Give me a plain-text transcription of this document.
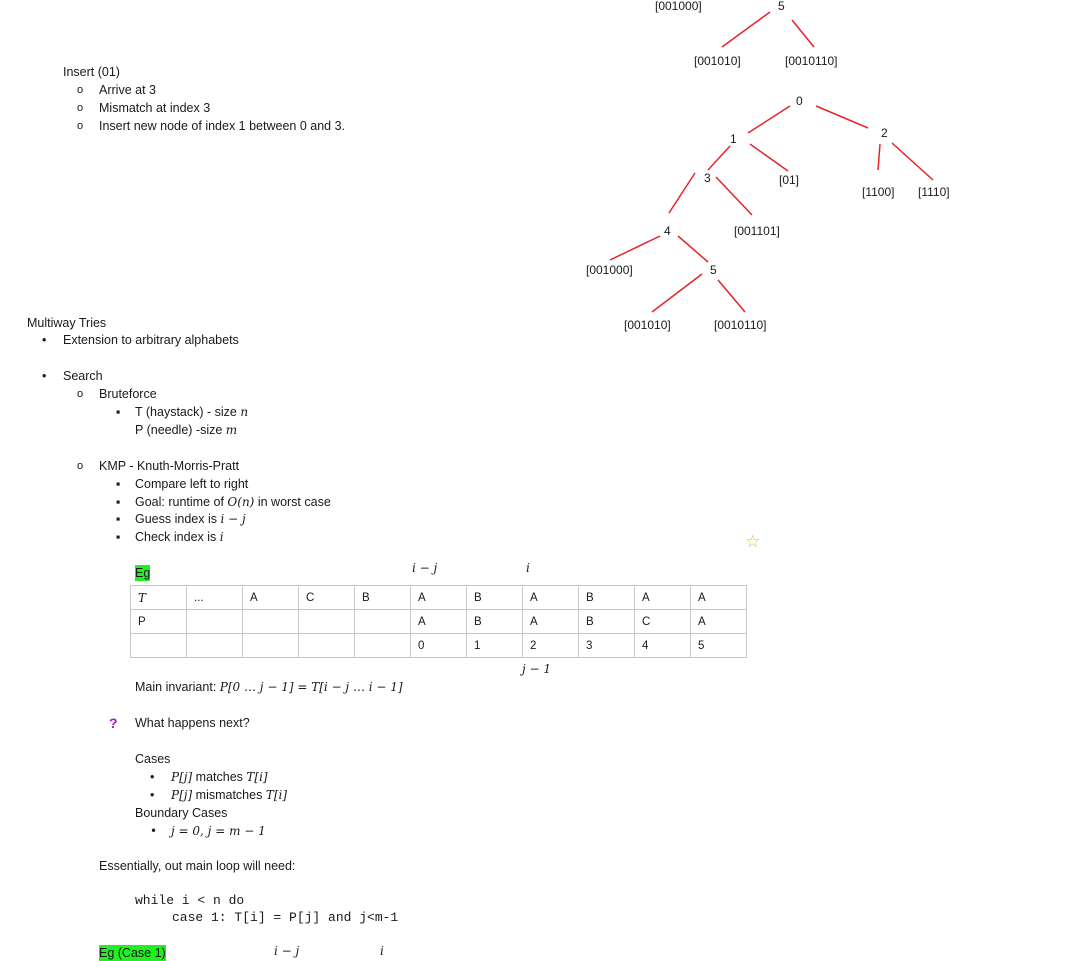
Insert (01)
o Arrive at 3
o Mismatch at index 3
o Insert new node of index 1 between 0 and 3.
[001000]	5
[001010]	[0010110]
0
1	2
3
4
5
[01]
[1100] [1110]
[001101]
[001000]
[001010]	[0010110]
Multiway Tries
• Extension to arbitrary alphabets
• Search
o Bruteforce
▪ T (haystack) - size n
P (needle) -size m
o KMP - Knuth-Morris-Pratt
▪ Compare left to right
▪ Goal: runtime of O(n) in worst case
▪ Guess index is i − j
▪ Check index is i	☆
Eg	i − j	i
T	...	A	C	B	A	B	A	B	A	A
P					A	B	A	B	C	A
					0	1	2	3	4	5
j − 1
Main invariant: P[0 … j − 1] = T[i − j … i − 1]
? What happens next?
Cases
• P[j] matches T[i]
• P[j] mismatches T[i]
Boundary Cases
• j = 0, j = m − 1
Essentially, out main loop will need:
while i < n do
case 1: T[i] = P[j] and j<m-1
Eg (Case 1)	i − j	i
